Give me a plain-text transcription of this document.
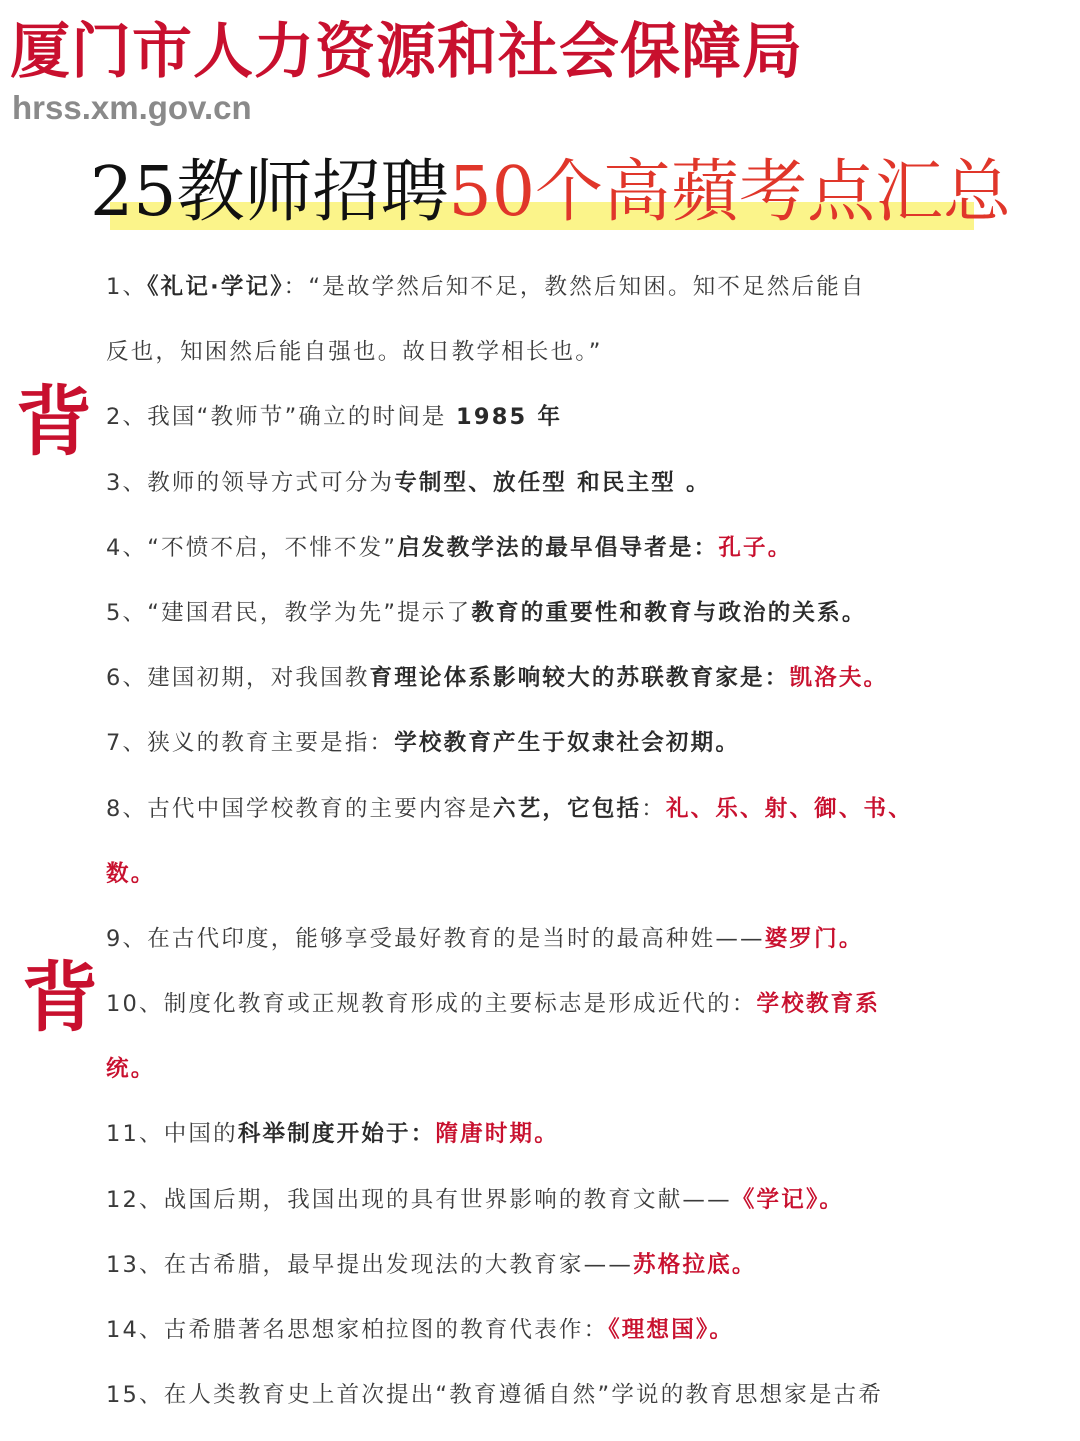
厦门市人力资源和社会保障局
hrss.xm.gov.cn
25教师招聘50个高蘋考点汇总
背
背
1、《礼记·学记》：“是故学然后知不足，教然后知困。知不足然后能自
反也，知困然后能自强也。故日教学相长也。”
2、我国“教师节”确立的时间是 1985 年
3、教师的领导方式可分为专制型、放任型 和民主型 。
4、“不愤不启，不悱不发”启发教学法的最早倡导者是：孔子。
5、“建国君民，教学为先”提示了教育的重要性和教育与政治的关系。
6、建国初期，对我国教育理论体系影响较大的苏联教育家是：凯洛夫。
7、狭义的教育主要是指：学校教育产生于奴隶社会初期。
8、古代中国学校教育的主要内容是六艺，它包括：礼、乐、射、御、书、
数。
9、在古代印度，能够享受最好教育的是当时的最高种姓——婆罗门。
10、制度化教育或正规教育形成的主要标志是形成近代的：学校教育系
统。
11、中国的科举制度开始于：隋唐时期。
12、战国后期，我国出现的具有世界影响的教育文献——《学记》。
13、在古希腊，最早提出发现法的大教育家——苏格拉底。
14、古希腊著名思想家柏拉图的教育代表作：《理想国》。
15、在人类教育史上首次提出“教育遵循自然”学说的教育思想家是古希
